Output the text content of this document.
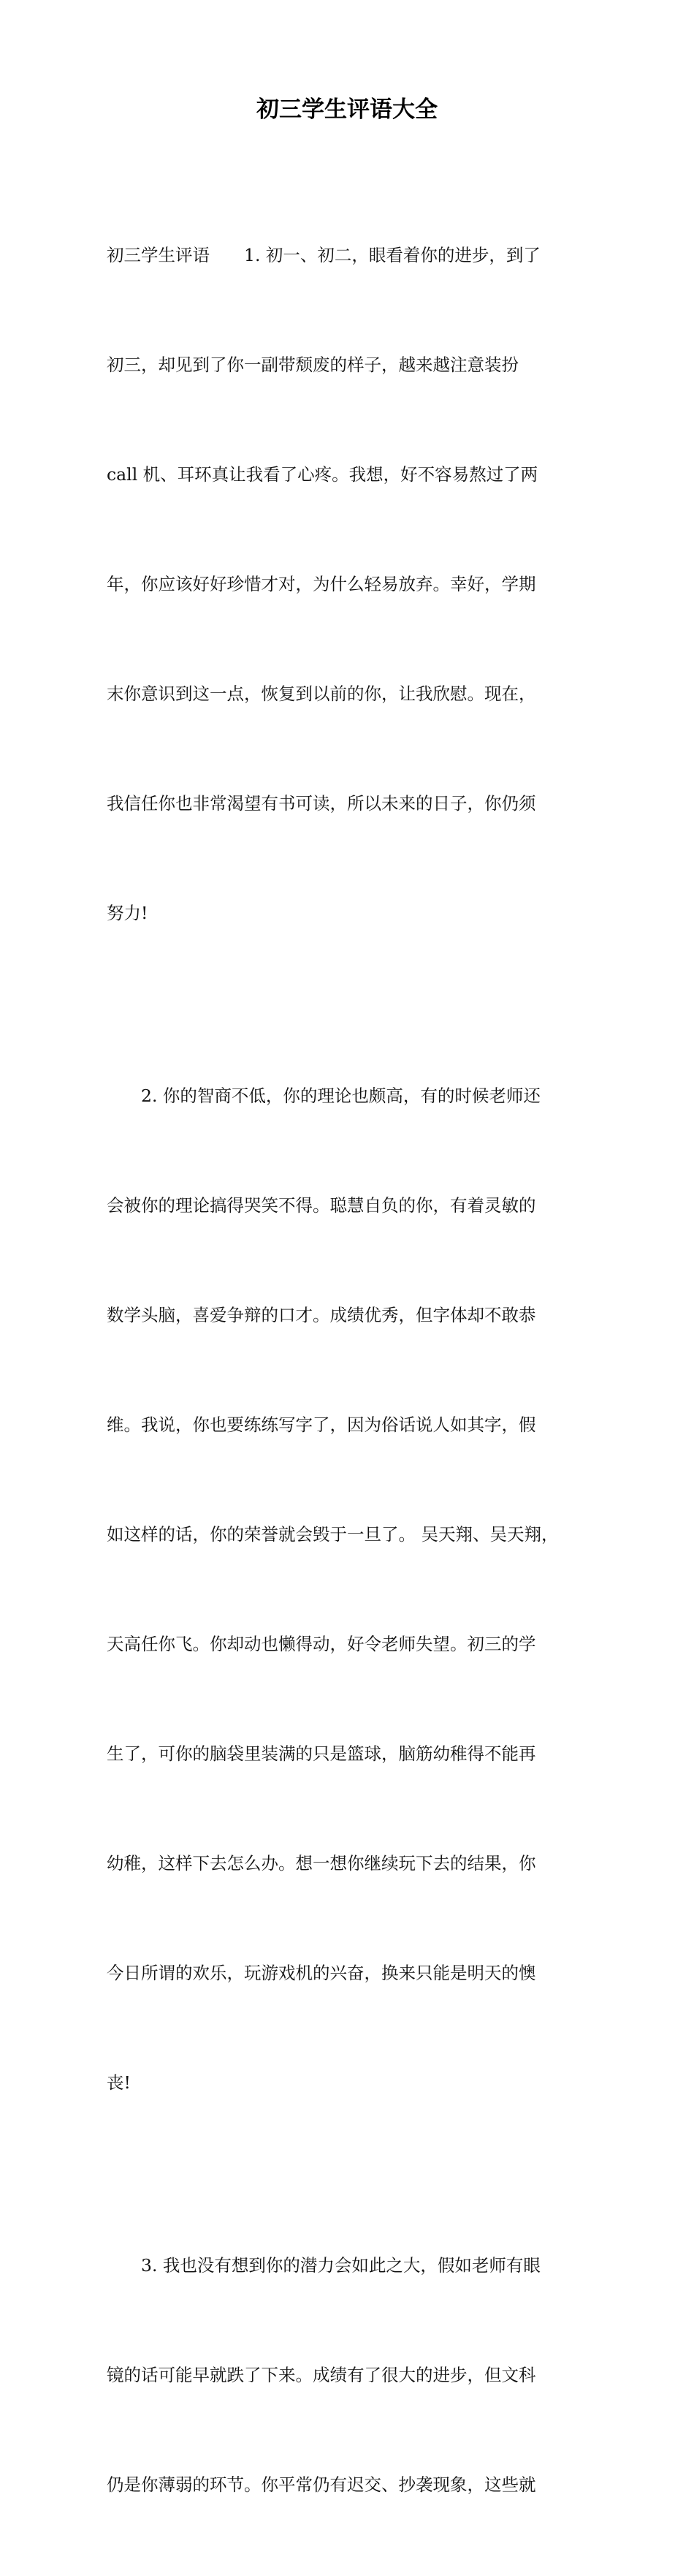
初三学生评语大全

初三学生评语　　1. 初一、初二，眼看着你的进步，到了

初三，却见到了你一副带颓废的样子，越来越注意装扮

call 机、耳环真让我看了心疼。我想，好不容易熬过了两

年，你应该好好珍惜才对，为什么轻易放弃。幸好，学期

末你意识到这一点，恢复到以前的你，让我欣慰。现在，

我信任你也非常渴望有书可读，所以未来的日子，你仍须

努力!

2. 你的智商不低，你的理论也颇高，有的时候老师还

会被你的理论搞得哭笑不得。聪慧自负的你，有着灵敏的

数学头脑，喜爱争辩的口才。成绩优秀，但字体却不敢恭

维。我说，你也要练练写字了，因为俗话说人如其字，假

如这样的话，你的荣誉就会毁于一旦了。 吴天翔、吴天翔，

天高任你飞。你却动也懒得动，好令老师失望。初三的学

生了，可你的脑袋里装满的只是篮球，脑筋幼稚得不能再

幼稚，这样下去怎么办。想一想你继续玩下去的结果，你

今日所谓的欢乐，玩游戏机的兴奋，换来只能是明天的懊

丧!

3. 我也没有想到你的潜力会如此之大，假如老师有眼

镜的话可能早就跌了下来。成绩有了很大的进步，但文科

仍是你薄弱的环节。你平常仍有迟交、抄袭现象，这些就
